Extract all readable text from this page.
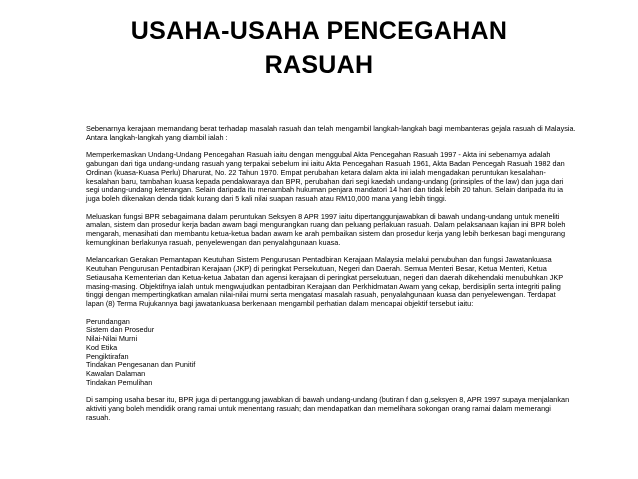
USAHA-USAHA PENCEGAHAN
RASUAH

Sebenarnya kerajaan memandang berat terhadap masalah rasuah dan telah mengambil langkah-langkah bagi membanteras gejala rasuah di Malaysia.
Antara langkah-langkah yang diambil ialah :

Memperkemaskan Undang-Undang Pencegahan Rasuah iaitu dengan menggubal Akta Pencegahan Rasuah 1997 - Akta ini sebenarnya adalah
gabungan dari tiga undang-undang rasuah yang terpakai sebelum ini iaitu Akta Pencegahan Rasuah 1961, Akta Badan Pencegah Rasuah 1982 dan
Ordinan (kuasa-Kuasa Perlu) Dharurat, No. 22 Tahun 1970. Empat perubahan ketara dalam akta ini ialah mengadakan peruntukan kesalahan-
kesalahan baru, tambahan kuasa kepada pendakwaraya dan BPR, perubahan dari segi kaedah undang-undang (prinsiples of the law) dan juga dari
segi undang-undang keterangan. Selain daripada itu menambah hukuman penjara mandatori 14 hari dan tidak lebih 20 tahun. Selain daripada itu ia
juga boleh dikenakan denda tidak kurang dari 5 kali nilai suapan rasuah atau RM10,000 mana yang lebih tinggi.

Meluaskan fungsi BPR sebagaimana dalam peruntukan Seksyen 8 APR 1997 iaitu dipertanggunjawabkan di bawah undang-undang untuk meneliti
amalan, sistem dan prosedur kerja badan awam bagi mengurangkan ruang dan peluang perlakuan rasuah. Dalam pelaksanaan kajian ini BPR boleh
mengarah, menasihati dan membantu ketua-ketua badan awam ke arah pembaikan sistem dan prosedur kerja yang lebih berkesan bagi mengurang
kemungkinan berlakunya rasuah, penyelewengan dan penyalahgunaan kuasa.

Melancarkan Gerakan Pemantapan Keutuhan Sistem Pengurusan Pentadbiran Kerajaan Malaysia melalui penubuhan dan fungsi Jawatankuasa
Keutuhan Pengurusan Pentadbiran Kerajaan (JKP) di peringkat Persekutuan, Negeri dan Daerah. Semua Menteri Besar, Ketua Menteri, Ketua
Setiausaha Kementerian dan Ketua-ketua Jabatan dan agensi kerajaan di peringkat persekutuan, negeri dan daerah dikehendaki menubuhkan JKP
masing-masing. Objektifnya ialah untuk mengwujudkan pentadbiran Kerajaan dan Perkhidmatan Awam yang cekap, berdisiplin serta integriti paling
tinggi dengan mempertingkatkan amalan nilai-nilai murni serta mengatasi masalah rasuah, penyalahgunaan kuasa dan penyelewengan. Terdapat
lapan (8) Terma Rujukannya bagi jawatankuasa berkenaan mengambil perhatian dalam mencapai objektif tersebut iaitu:

Perundangan
Sistem dan Prosedur
Nilai-Nilai Murni
Kod Etika
Pengiktirafan
Tindakan Pengesanan dan Punitif
Kawalan Dalaman
Tindakan Pemulihan

Di samping usaha besar itu, BPR juga di pertanggung jawabkan di bawah undang-undang (butiran f dan g,seksyen 8, APR 1997 supaya menjalankan
aktiviti yang boleh mendidik orang ramai untuk menentang rasuah; dan mendapatkan dan memelihara sokongan orang ramai dalam memerangi
rasuah.
